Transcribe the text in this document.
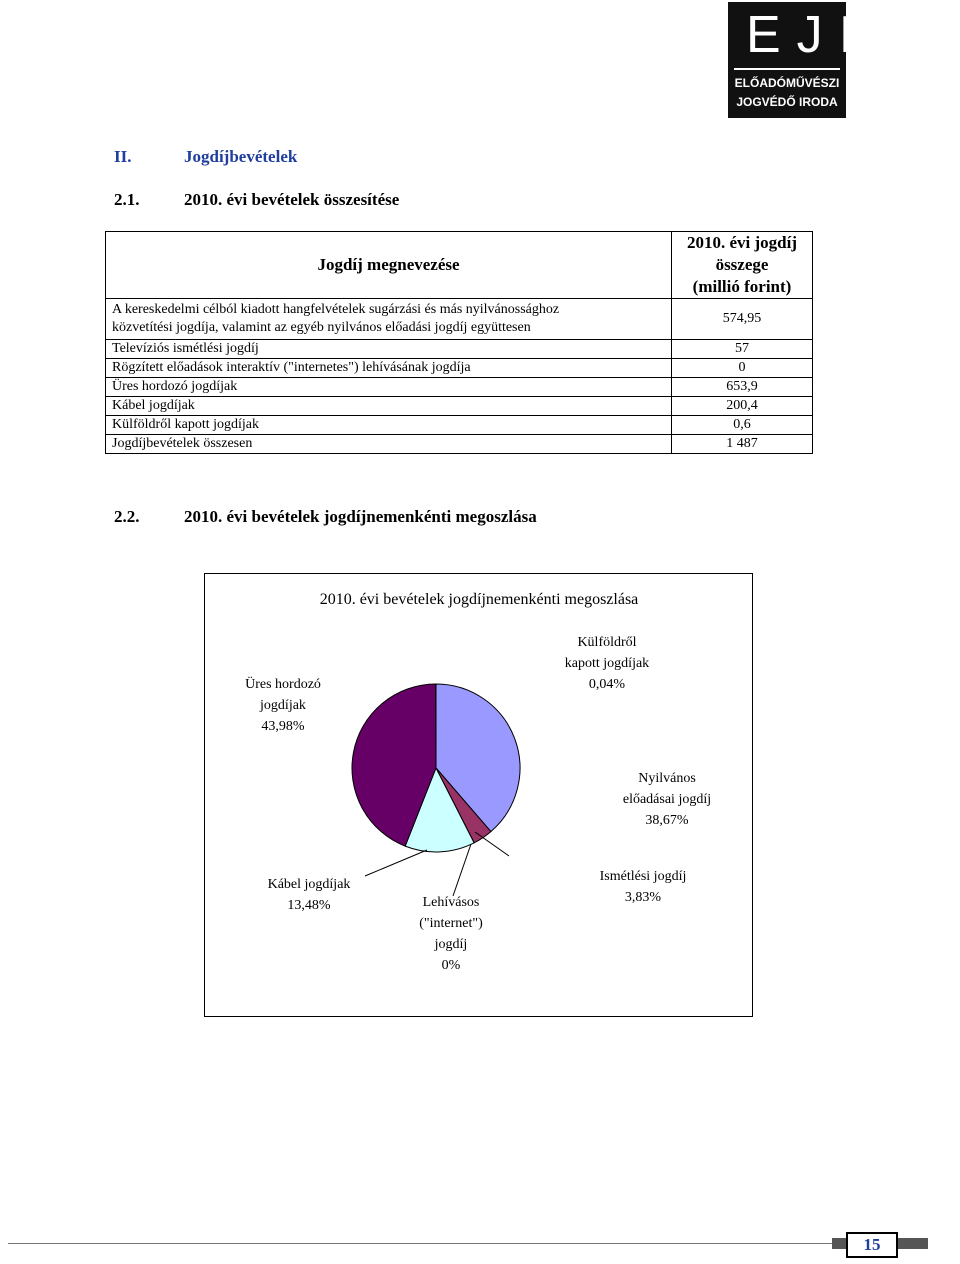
EJI
ELŐADÓMŰVÉSZI
JOGVÉDŐ IRODA
II.	Jogdíjbevételek
2.1.	2010. évi bevételek összesítése
Jogdíj megnevezése	2010. évi jogdíj
összege
(millió forint)

A kereskedelmi célból kiadott hangfelvételek sugárzási és más nyilvánossághoz
közvetítési jogdíja, valamint az egyéb nyilvános előadási jogdíj együttesen	574,95
Televíziós ismétlési jogdíj	57
Rögzített előadások interaktív ("internetes") lehívásának jogdíja	0
Üres hordozó jogdíjak	653,9
Kábel jogdíjak	200,4
Külföldről kapott jogdíjak	0,6
Jogdíjbevételek összesen	1 487
2.2.	2010. évi bevételek jogdíjnemenkénti megoszlása
2010. évi bevételek jogdíjnemenkénti megoszlása
Nyilvános előadásai jogdíj 38,67%
Ismétlési jogdíj 3,83%
Lehívásos ("internet") jogdíj 0%
Kábel jogdíjak 13,48%
Üres hordozó jogdíjak 43,98%
Külföldről kapott jogdíjak 0,04%
15
